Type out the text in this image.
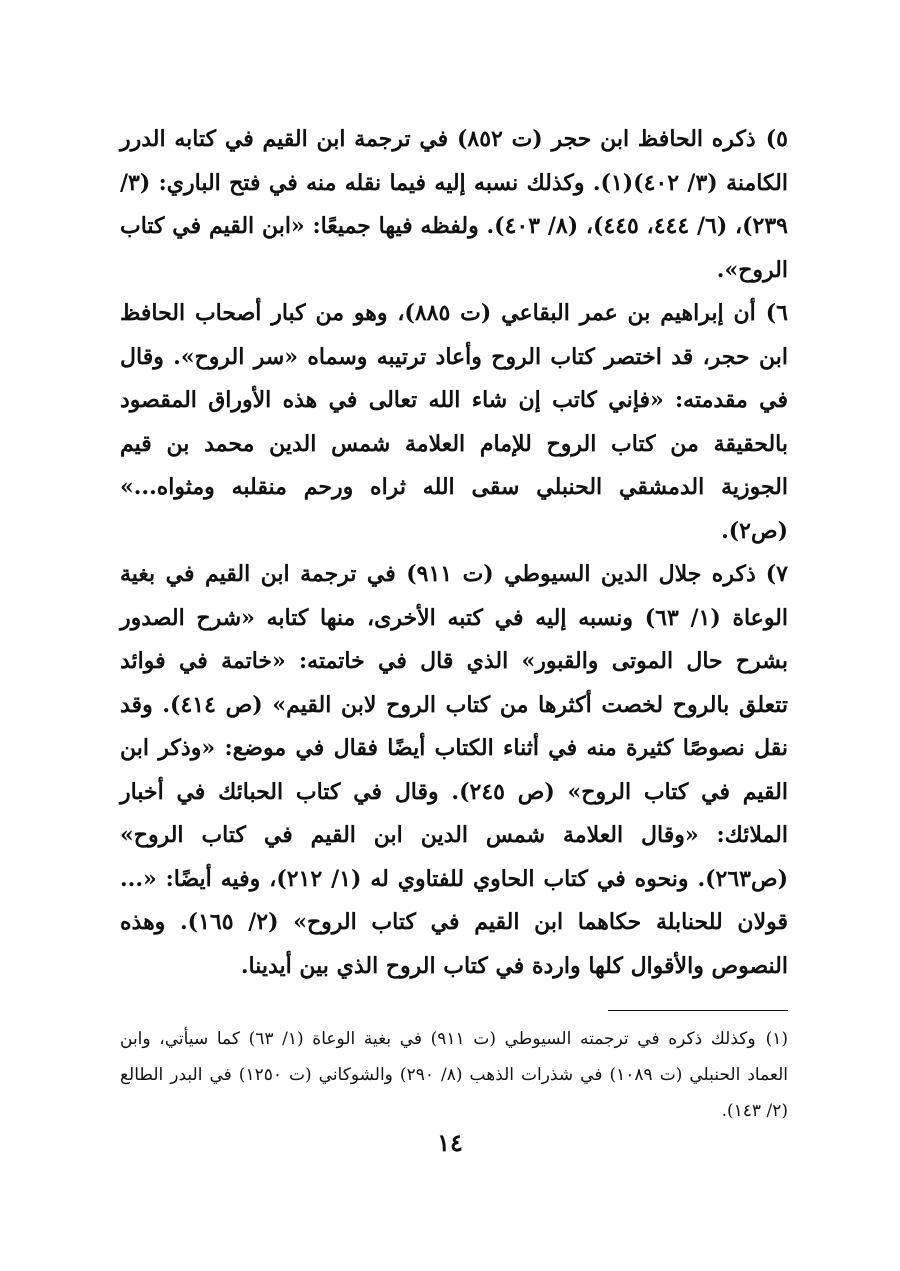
٥)ذكره الحافظ ابن حجر (ت ٨٥٢) في ترجمة ابن القيم في كتابه الدرر الكامنة (٣/ ٤٠٢)(١). وكذلك نسبه إليه فيما نقله منه في فتح الباري: (٣/ ٢٣٩)، (٦/ ٤٤٤، ٤٤٥)، (٨/ ٤٠٣). ولفظه فيها جميعًا: «ابن القيم في كتاب الروح».

٦)أن إبراهيم بن عمر البقاعي (ت ٨٨٥)، وهو من كبار أصحاب الحافظ ابن حجر، قد اختصر كتاب الروح وأعاد ترتيبه وسماه «سر الروح». وقال في مقدمته: «فإني كاتب إن شاء الله تعالى في هذه الأوراق المقصود بالحقيقة من كتاب الروح للإمام العلامة شمس الدين محمد بن قيم الجوزية الدمشقي الحنبلي سقى الله ثراه ورحم منقلبه ومثواه...» (ص٢).

٧)ذكره جلال الدين السيوطي (ت ٩١١) في ترجمة ابن القيم في بغية الوعاة (١/ ٦٣) ونسبه إليه في كتبه الأخرى، منها كتابه «شرح الصدور بشرح حال الموتى والقبور» الذي قال في خاتمته: «خاتمة في فوائد تتعلق بالروح لخصت أكثرها من كتاب الروح لابن القيم» (ص ٤١٤). وقد نقل نصوصًا كثيرة منه في أثناء الكتاب أيضًا فقال في موضع: «وذكر ابن القيم في كتاب الروح» (ص ٢٤٥). وقال في كتاب الحبائك في أخبار الملائك: «وقال العلامة شمس الدين ابن القيم في كتاب الروح» (ص٢٦٣). ونحوه في كتاب الحاوي للفتاوي له (١/ ٢١٢)، وفيه أيضًا: «... قولان للحنابلة حكاهما ابن القيم في كتاب الروح» (٢/ ١٦٥). وهذه النصوص والأقوال كلها واردة في كتاب الروح الذي بين أيدينا.

(١)وكذلك ذكره في ترجمته السيوطي (ت ٩١١) في بغية الوعاة (١/ ٦٣) كما سيأتي، وابن العماد الحنبلي (ت ١٠٨٩) في شذرات الذهب (٨/ ٢٩٠) والشوكاني (ت ١٢٥٠) في البدر الطالع (٢/ ١٤٣).

١٤
